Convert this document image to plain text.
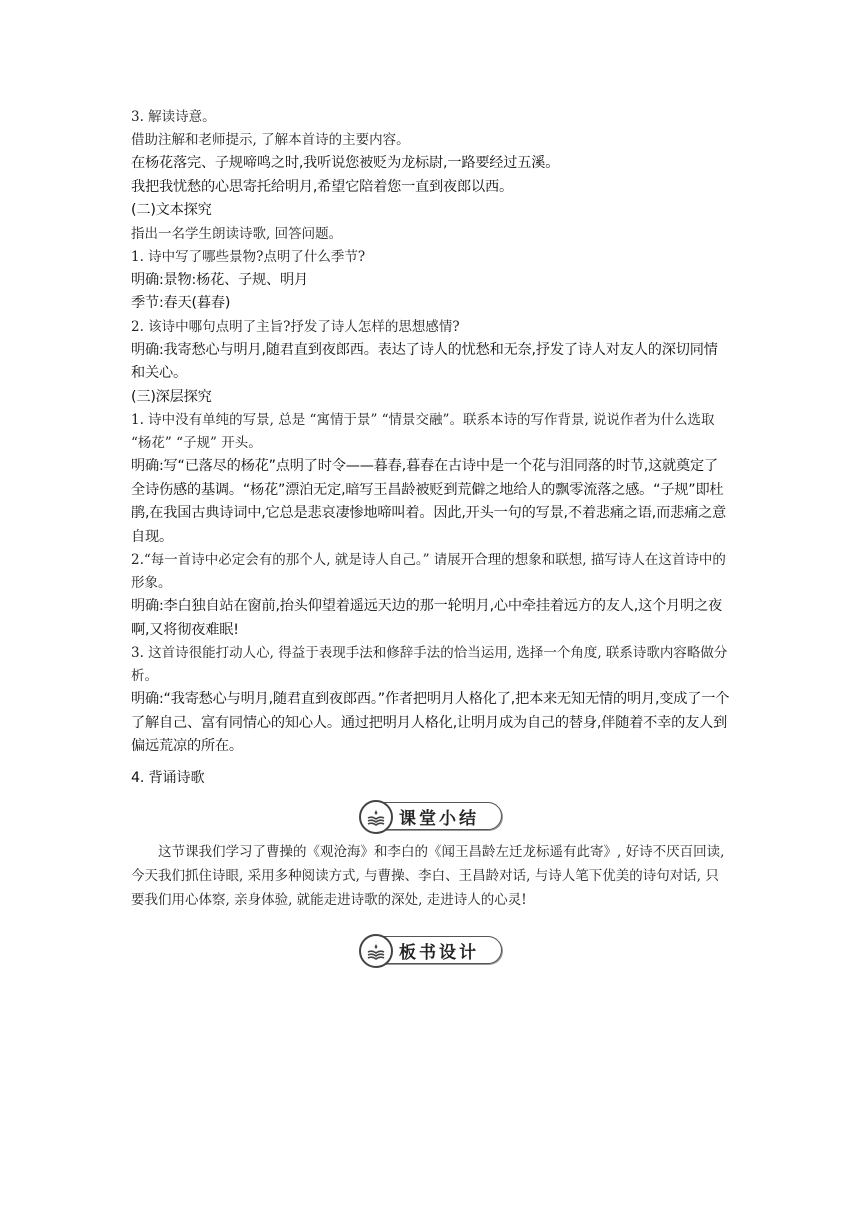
3. 解读诗意。

借助注解和老师提示, 了解本首诗的主要内容。

在杨花落完、子规啼鸣之时,我听说您被贬为龙标尉,一路要经过五溪。

我把我忧愁的心思寄托给明月,希望它陪着您一直到夜郎以西。

(二)文本探究

指出一名学生朗读诗歌, 回答问题。

1. 诗中写了哪些景物?点明了什么季节?

明确:景物:杨花、子规、明月

季节:春天(暮春)

2. 该诗中哪句点明了主旨?抒发了诗人怎样的思想感情?

明确:我寄愁心与明月,随君直到夜郎西。表达了诗人的忧愁和无奈,抒发了诗人对友人的深切同情和关心。

(三)深层探究

1. 诗中没有单纯的写景, 总是 “寓情于景” “情景交融”。联系本诗的写作背景, 说说作者为什么选取 “杨花” “子规” 开头。

明确:写“已落尽的杨花”点明了时令——暮春,暮春在古诗中是一个花与泪同落的时节,这就奠定了全诗伤感的基调。“杨花”漂泊无定,暗写王昌龄被贬到荒僻之地给人的飘零流落之感。“子规”即杜鹃,在我国古典诗词中,它总是悲哀凄惨地啼叫着。因此,开头一句的写景,不着悲痛之语,而悲痛之意自现。

2.“每一首诗中必定会有的那个人, 就是诗人自己。” 请展开合理的想象和联想, 描写诗人在这首诗中的形象。

明确:李白独自站在窗前,抬头仰望着遥远天边的那一轮明月,心中牵挂着远方的友人,这个月明之夜啊,又将彻夜难眠!

3. 这首诗很能打动人心, 得益于表现手法和修辞手法的恰当运用, 选择一个角度, 联系诗歌内容略做分析。

明确:“我寄愁心与明月,随君直到夜郎西。”作者把明月人格化了,把本来无知无情的明月,变成了一个了解自己、富有同情心的知心人。通过把明月人格化,让明月成为自己的替身,伴随着不幸的友人到偏远荒凉的所在。

4. 背诵诗歌

课堂小结

这节课我们学习了曹操的《观沧海》和李白的《闻王昌龄左迁龙标遥有此寄》, 好诗不厌百回读, 今天我们抓住诗眼, 采用多种阅读方式, 与曹操、李白、王昌龄对话, 与诗人笔下优美的诗句对话, 只要我们用心体察, 亲身体验, 就能走进诗歌的深处, 走进诗人的心灵!

板书设计
